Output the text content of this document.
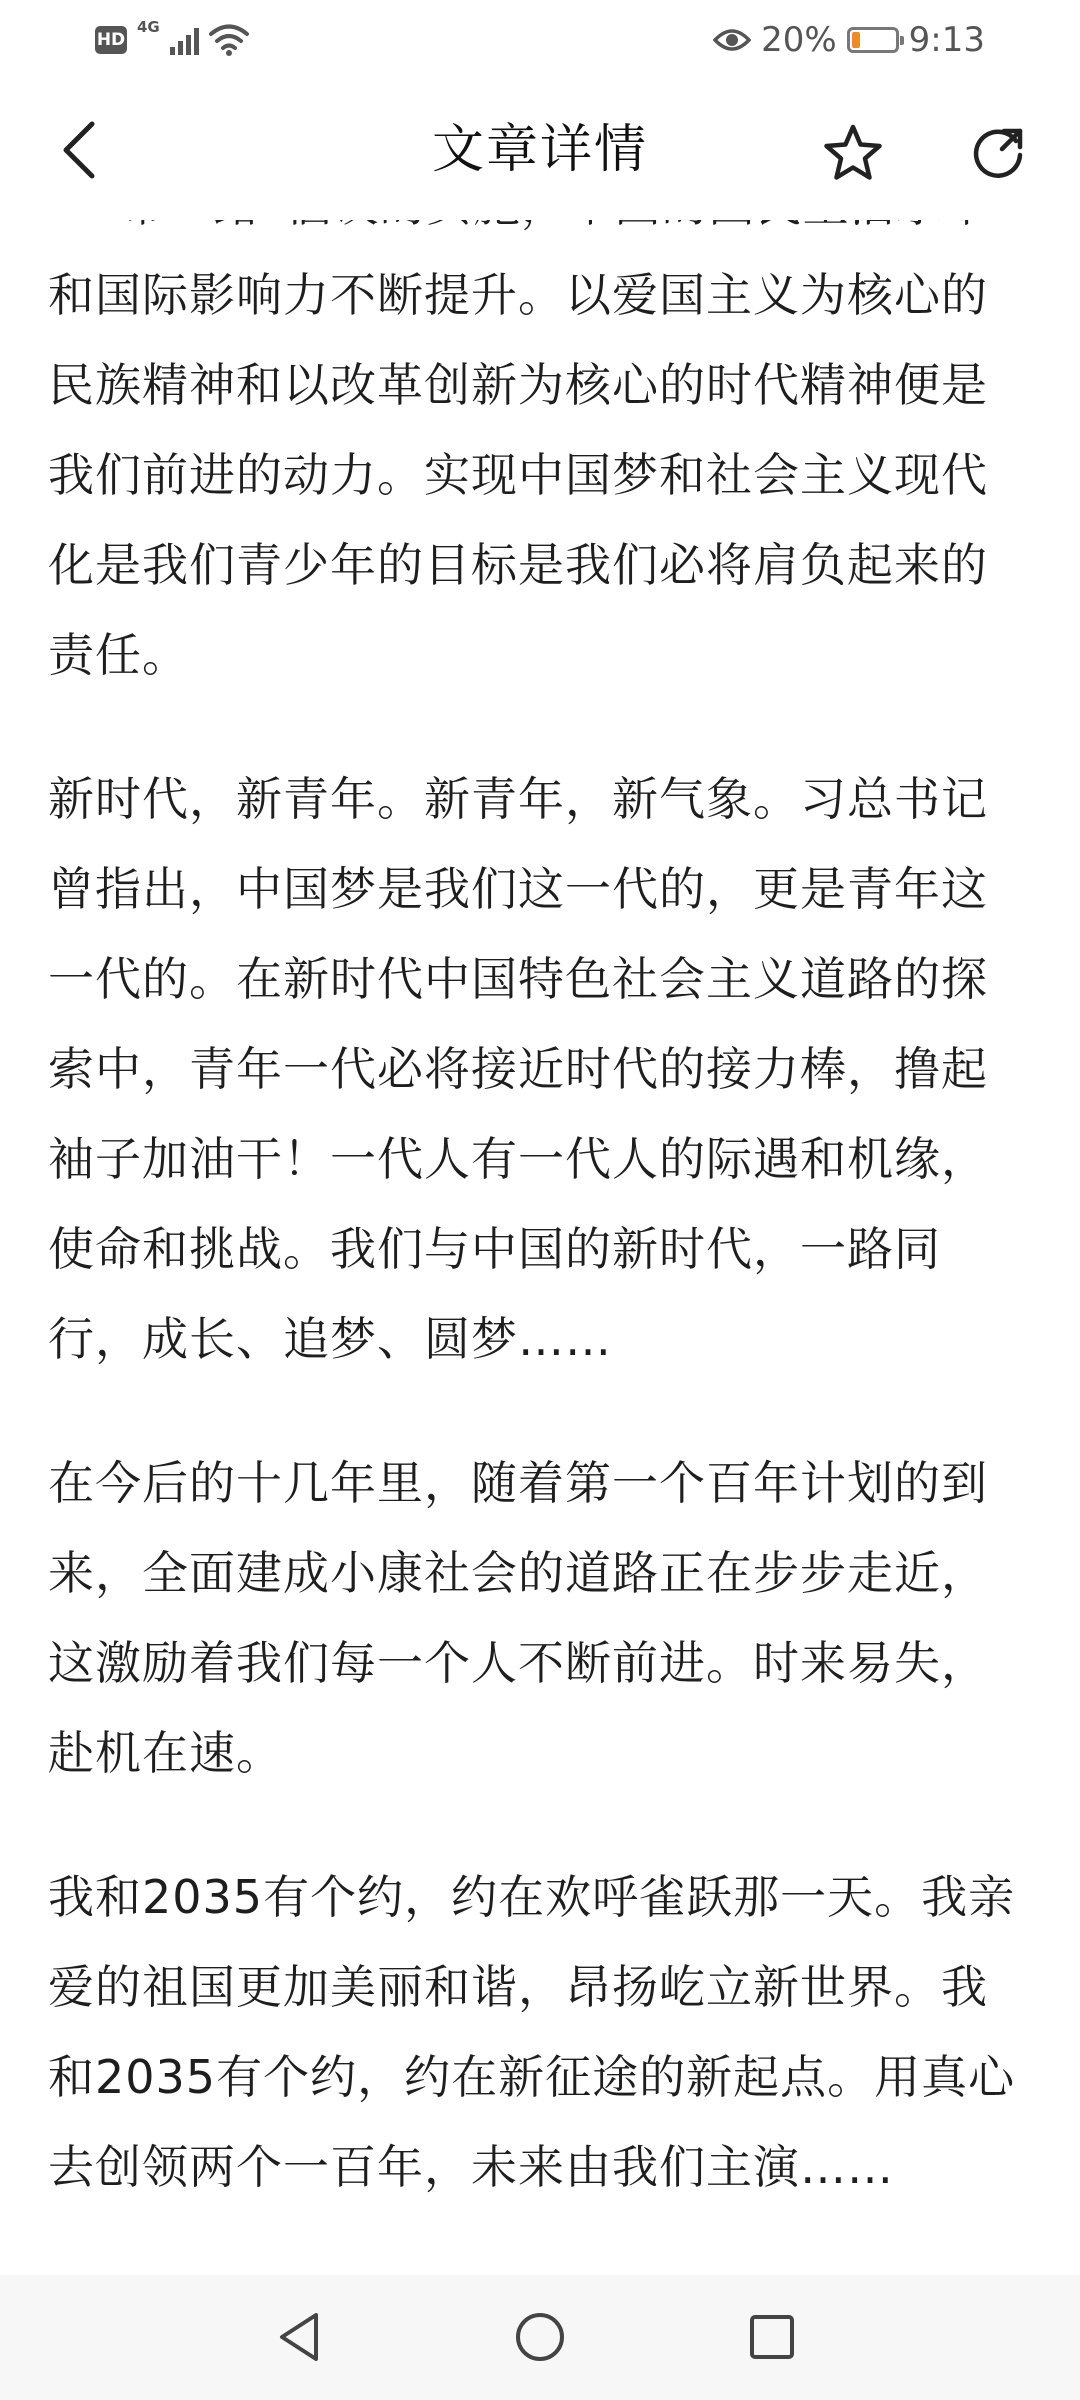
HD
4G	20% 9:13
文章详情

和国际影响力不断提升。以爱国主义为核心的民族精神和以改革创新为核心的时代精神便是我们前进的动力。实现中国梦和社会主义现代化是我们青少年的目标是我们必将肩负起来的责任。

新时代，新青年。新青年，新气象。习总书记曾指出，中国梦是我们这一代的，更是青年这一代的。在新时代中国特色社会主义道路的探索中，青年一代必将接近时代的接力棒，撸起袖子加油干！一代人有一代人的际遇和机缘，使命和挑战。我们与中国的新时代，一路同行，成长、追梦、圆梦……

在今后的十几年里，随着第一个百年计划的到来，全面建成小康社会的道路正在步步走近，这激励着我们每一个人不断前进。时来易失，赴机在速。

我和2035有个约，约在欢呼雀跃那一天。我亲爱的祖国更加美丽和谐，昂扬屹立新世界。我和2035有个约，约在新征途的新起点。用真心去创领两个一百年，未来由我们主演……
